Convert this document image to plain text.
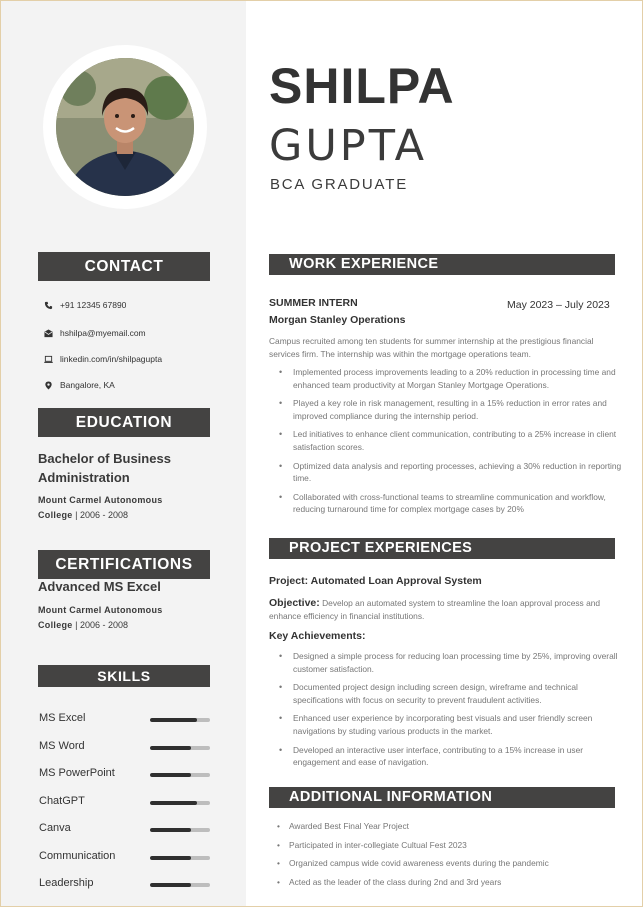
CONTACT
+91 12345 67890
hshilpa@myemail.com
linkedin.com/in/shilpagupta
Bangalore, KA
EDUCATION
Bachelor of Business
Administration
Mount Carmel Autonomous
College | 2006 - 2008
CERTIFICATIONS
Advanced MS Excel
Mount Carmel Autonomous
College | 2006 - 2008
SKILLS
MS Excel
MS Word
MS PowerPoint
ChatGPT
Canva
Communication
Leadership
SHILPA
GUPTA
BCA GRADUATE
WORK EXPERIENCE
SUMMER INTERN	May 2023 – July 2023
Morgan Stanley Operations
Campus recruited among ten students for summer internship at the prestigious financial services firm. The internship was within the mortgage operations team.
• Implemented process improvements leading to a 20% reduction in processing time and enhanced team productivity at Morgan Stanley Mortgage Operations.
• Played a key role in risk management, resulting in a 15% reduction in error rates and improved compliance during the internship period.
• Led initiatives to enhance client communication, contributing to a 25% increase in client satisfaction scores.
• Optimized data analysis and reporting processes, achieving a 30% reduction in reporting time.
• Collaborated with cross-functional teams to streamline communication and workflow, reducing turnaround time for complex mortgage cases by 20%
PROJECT EXPERIENCES
Project: Automated Loan Approval System
Objective: Develop an automated system to streamline the loan approval process and enhance efficiency in financial institutions.
Key Achievements:
• Designed a simple process for reducing loan processing time by 25%, improving overall customer satisfaction.
• Documented project design including screen design, wireframe and technical specifications with focus on security to prevent fraudulent activities.
• Enhanced user experience by incorporating best visuals and user friendly screen navigations by studing various products in the market.
• Developed an interactive user interface, contributing to a 15% increase in user engagement and ease of navigation.
ADDITIONAL INFORMATION
• Awarded Best Final Year Project
• Participated in inter-collegiate Cultual Fest 2023
• Organized campus wide covid awareness events during the pandemic
• Acted as the leader of the class during 2nd and 3rd years
